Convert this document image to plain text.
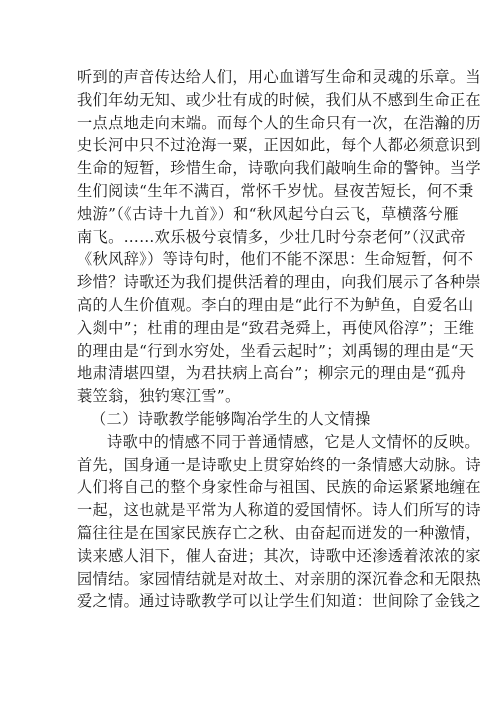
听到的声音传达给人们，用心血谱写生命和灵魂的乐章。当
我们年幼无知、或少壮有成的时候，我们从不感到生命正在
一点点地走向末端。而每个人的生命只有一次，在浩瀚的历
史长河中只不过沧海一粟，正因如此，每个人都必须意识到
生命的短暂，珍惜生命，诗歌向我们敲响生命的警钟。当学
生们阅读“生年不满百，常怀千岁忧。昼夜苦短长，何不秉
烛游”（《古诗十九首》）和“秋风起兮白云飞，草横落兮雁
南飞。……欢乐极兮哀情多，少壮几时兮奈老何”（汉武帝
《秋风辞》）等诗句时，他们不能不深思：生命短暂，何不
珍惜？诗歌还为我们提供活着的理由，向我们展示了各种崇
高的人生价值观。李白的理由是“此行不为鲈鱼，自爱名山
入剡中”；杜甫的理由是“致君尧舜上，再使风俗淳”；王维
的理由是“行到水穷处，坐看云起时”；刘禹锡的理由是“天
地肃清堪四望，为君扶病上高台”；柳宗元的理由是“孤舟
蓑笠翁，独钓寒江雪”。
（二）诗歌教学能够陶冶学生的人文情操
诗歌中的情感不同于普通情感，它是人文情怀的反映。
首先，国身通一是诗歌史上贯穿始终的一条情感大动脉。诗
人们将自己的整个身家性命与祖国、民族的命运紧紧地缠在
一起，这也就是平常为人称道的爱国情怀。诗人们所写的诗
篇往往是在国家民族存亡之秋、由奋起而迸发的一种激情，
读来感人泪下，催人奋进；其次，诗歌中还渗透着浓浓的家
园情结。家园情结就是对故土、对亲朋的深沉眷念和无限热
爱之情。通过诗歌教学可以让学生们知道：世间除了金钱之
